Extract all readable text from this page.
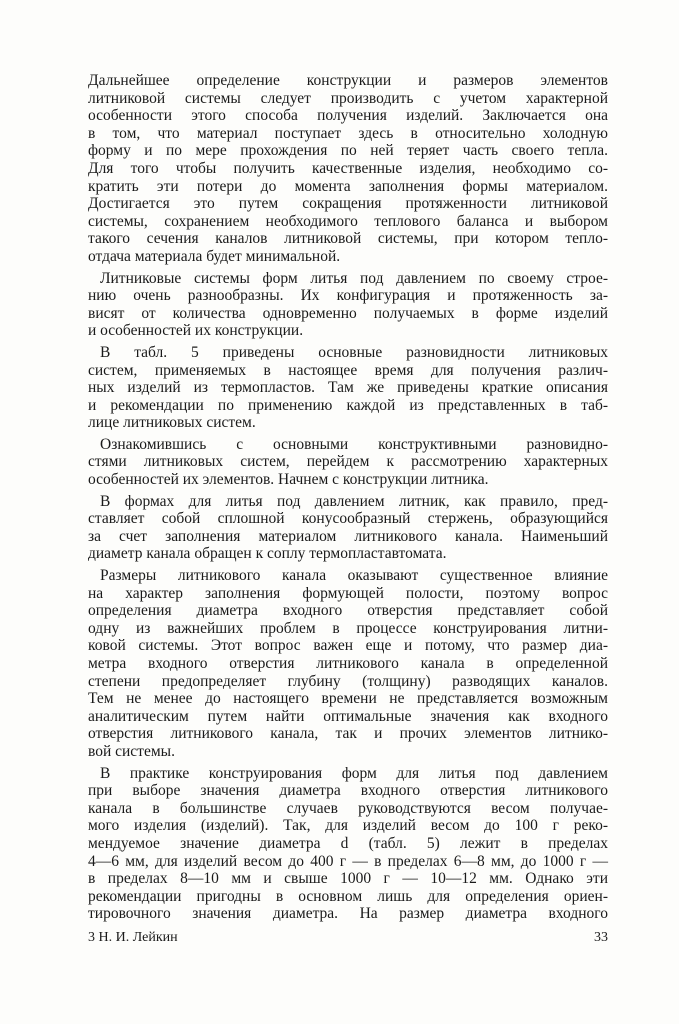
Дальнейшее определение конструкции и размеров элементов
литниковой системы следует производить с учетом характерной
особенности этого способа получения изделий. Заключается она
в том, что материал поступает здесь в относительно холодную
форму и по мере прохождения по ней теряет часть своего тепла.
Для того чтобы получить качественные изделия, необходимо со-
кратить эти потери до момента заполнения формы материалом.
Достигается это путем сокращения протяженности литниковой
системы, сохранением необходимого теплового баланса и выбором
такого сечения каналов литниковой системы, при котором тепло-
отдача материала будет минимальной.
Литниковые системы форм литья под давлением по своему строе-
нию очень разнообразны. Их конфигурация и протяженность за-
висят от количества одновременно получаемых в форме изделий
и особенностей их конструкции.
В табл. 5 приведены основные разновидности литниковых
систем, применяемых в настоящее время для получения различ-
ных изделий из термопластов. Там же приведены краткие описания
и рекомендации по применению каждой из представленных в таб-
лице литниковых систем.
Ознакомившись с основными конструктивными разновидно-
стями литниковых систем, перейдем к рассмотрению характерных
особенностей их элементов. Начнем с конструкции литника.
В формах для литья под давлением литник, как правило, пред-
ставляет собой сплошной конусообразный стержень, образующийся
за счет заполнения материалом литникового канала. Наименьший
диаметр канала обращен к соплу термопластавтомата.
Размеры литникового канала оказывают существенное влияние
на характер заполнения формующей полости, поэтому вопрос
определения диаметра входного отверстия представляет собой
одну из важнейших проблем в процессе конструирования литни-
ковой системы. Этот вопрос важен еще и потому, что размер диа-
метра входного отверстия литникового канала в определенной
степени предопределяет глубину (толщину) разводящих каналов.
Тем не менее до настоящего времени не представляется возможным
аналитическим путем найти оптимальные значения как входного
отверстия литникового канала, так и прочих элементов литнико-
вой системы.
В практике конструирования форм для литья под давлением
при выборе значения диаметра входного отверстия литникового
канала в большинстве случаев руководствуются весом получае-
мого изделия (изделий). Так, для изделий весом до 100 г реко-
мендуемое значение диаметра d (табл. 5) лежит в пределах
4—6 мм, для изделий весом до 400 г — в пределах 6—8 мм, до 1000 г —
в пределах 8—10 мм и свыше 1000 г — 10—12 мм. Однако эти
рекомендации пригодны в основном лишь для определения ориен-
тировочного значения диаметра. На размер диаметра входного
3 Н. И. Лейкин	33
